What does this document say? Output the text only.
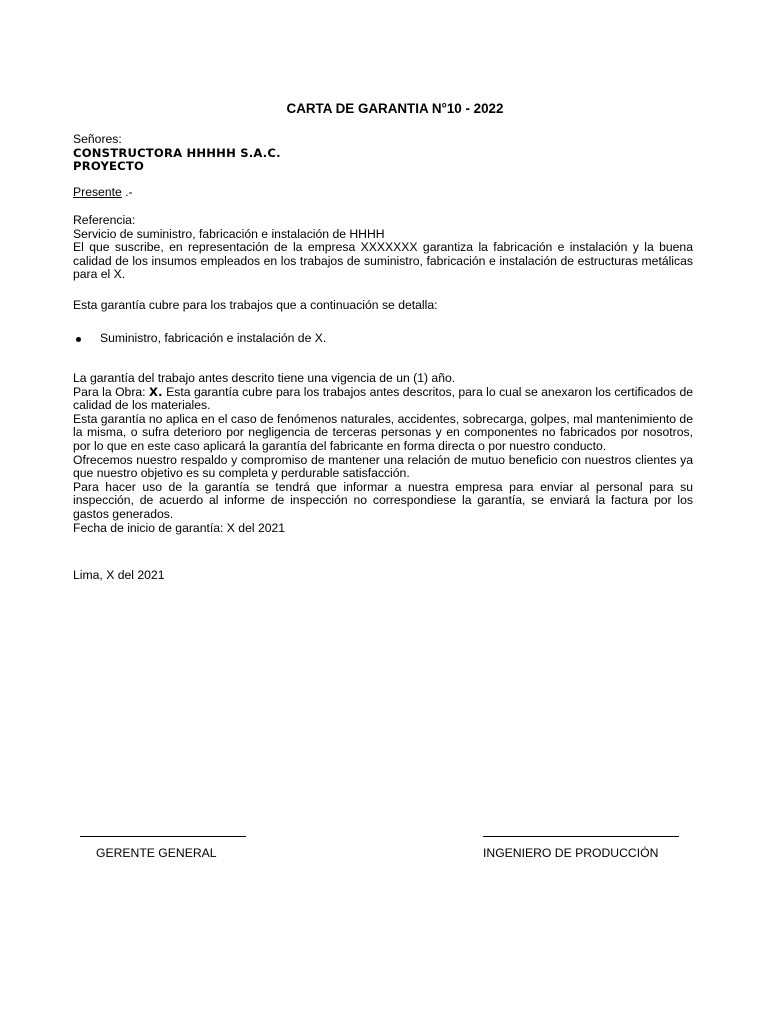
CARTA DE GARANTIA N°10 - 2022

Señores:

CONSTRUCTORA HHHHH S.A.C.

PROYECTO

Presente .-

Referencia:

Servicio de suministro, fabricación e instalación de HHHH

El que suscribe, en representación de la empresa XXXXXXX garantiza la fabricación e instalación y la buena calidad de los insumos empleados en los trabajos de suministro, fabricación e instalación de estructuras metálicas para el X.

Esta garantía cubre para los trabajos que a continuación se detalla:
Suministro, fabricación e instalación de X.

La garantía del trabajo antes descrito tiene una vigencia de un (1) año.

Para la Obra: X. Esta garantía cubre para los trabajos antes descritos, para lo cual se anexaron los certificados de calidad de los materiales.

Esta garantía no aplica en el caso de fenómenos naturales, accidentes, sobrecarga, golpes, mal mantenimiento de la misma, o sufra deterioro por negligencia de terceras personas y en componentes no fabricados por nosotros, por lo que en este caso aplicará la garantía del fabricante en forma directa o por nuestro conducto.

Ofrecemos nuestro respaldo y compromiso de mantener una relación de mutuo beneficio con nuestros clientes ya que nuestro objetivo es su completa y perdurable satisfacción.

Para hacer uso de la garantía se tendrá que informar a nuestra empresa para enviar al personal para su inspección, de acuerdo al informe de inspección no correspondiese la garantía, se enviará la factura por los gastos generados.

Fecha de inicio de garantía: X del 2021

Lima, X del 2021
GERENTE GENERAL	INGENIERO DE PRODUCCIÓN
